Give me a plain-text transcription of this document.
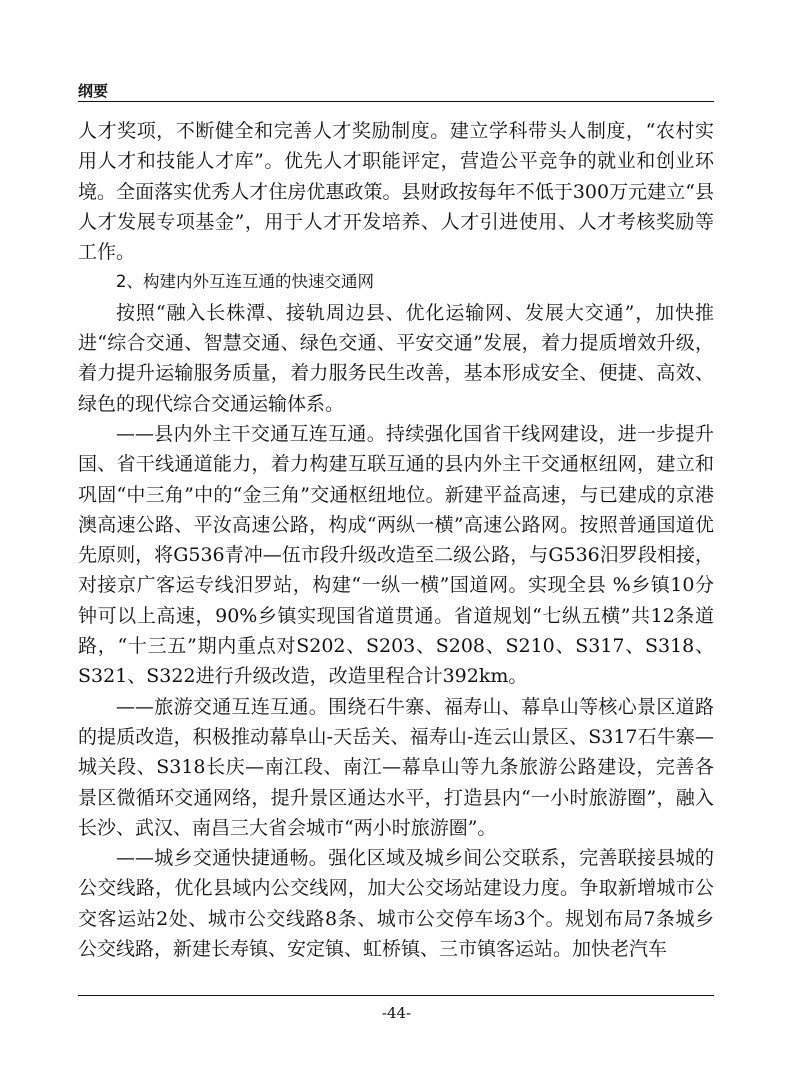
纲要

人才奖项，不断健全和完善人才奖励制度。建立学科带头人制度，“农村实用人才和技能人才库”。优先人才职能评定，营造公平竞争的就业和创业环境。全面落实优秀人才住房优惠政策。县财政按每年不低于300万元建立“县人才发展专项基金”，用于人才开发培养、人才引进使用、人才考核奖励等工作。

2、构建内外互连互通的快速交通网

按照“融入长株潭、接轨周边县、优化运输网、发展大交通”，加快推进“综合交通、智慧交通、绿色交通、平安交通”发展，着力提质增效升级，着力提升运输服务质量，着力服务民生改善，基本形成安全、便捷、高效、绿色的现代综合交通运输体系。

——县内外主干交通互连互通。持续强化国省干线网建设，进一步提升国、省干线通道能力，着力构建互联互通的县内外主干交通枢纽网，建立和巩固“中三角”中的“金三角”交通枢纽地位。新建平益高速，与已建成的京港澳高速公路、平汝高速公路，构成“两纵一横”高速公路网。按照普通国道优先原则，将G536青冲—伍市段升级改造至二级公路，与G536汨罗段相接，对接京广客运专线汨罗站，构建“一纵一横”国道网。实现全县 %乡镇10分钟可以上高速，90%乡镇实现国省道贯通。省道规划“七纵五横”共12条道路，“十三五”期内重点对S202、S203、S208、S210、S317、S318、S321、S322进行升级改造，改造里程合计392km。

——旅游交通互连互通。围绕石牛寨、福寿山、幕阜山等核心景区道路的提质改造，积极推动幕阜山-天岳关、福寿山-连云山景区、S317石牛寨—城关段、S318长庆—南江段、南江—幕阜山等九条旅游公路建设，完善各景区微循环交通网络，提升景区通达水平，打造县内“一小时旅游圈”，融入长沙、武汉、南昌三大省会城市“两小时旅游圈”。

——城乡交通快捷通畅。强化区域及城乡间公交联系，完善联接县城的公交线路，优化县域内公交线网，加大公交场站建设力度。争取新增城市公交客运站2处、城市公交线路8条、城市公交停车场3个。规划布局7条城乡公交线路，新建长寿镇、安定镇、虹桥镇、三市镇客运站。加快老汽车

-44-
